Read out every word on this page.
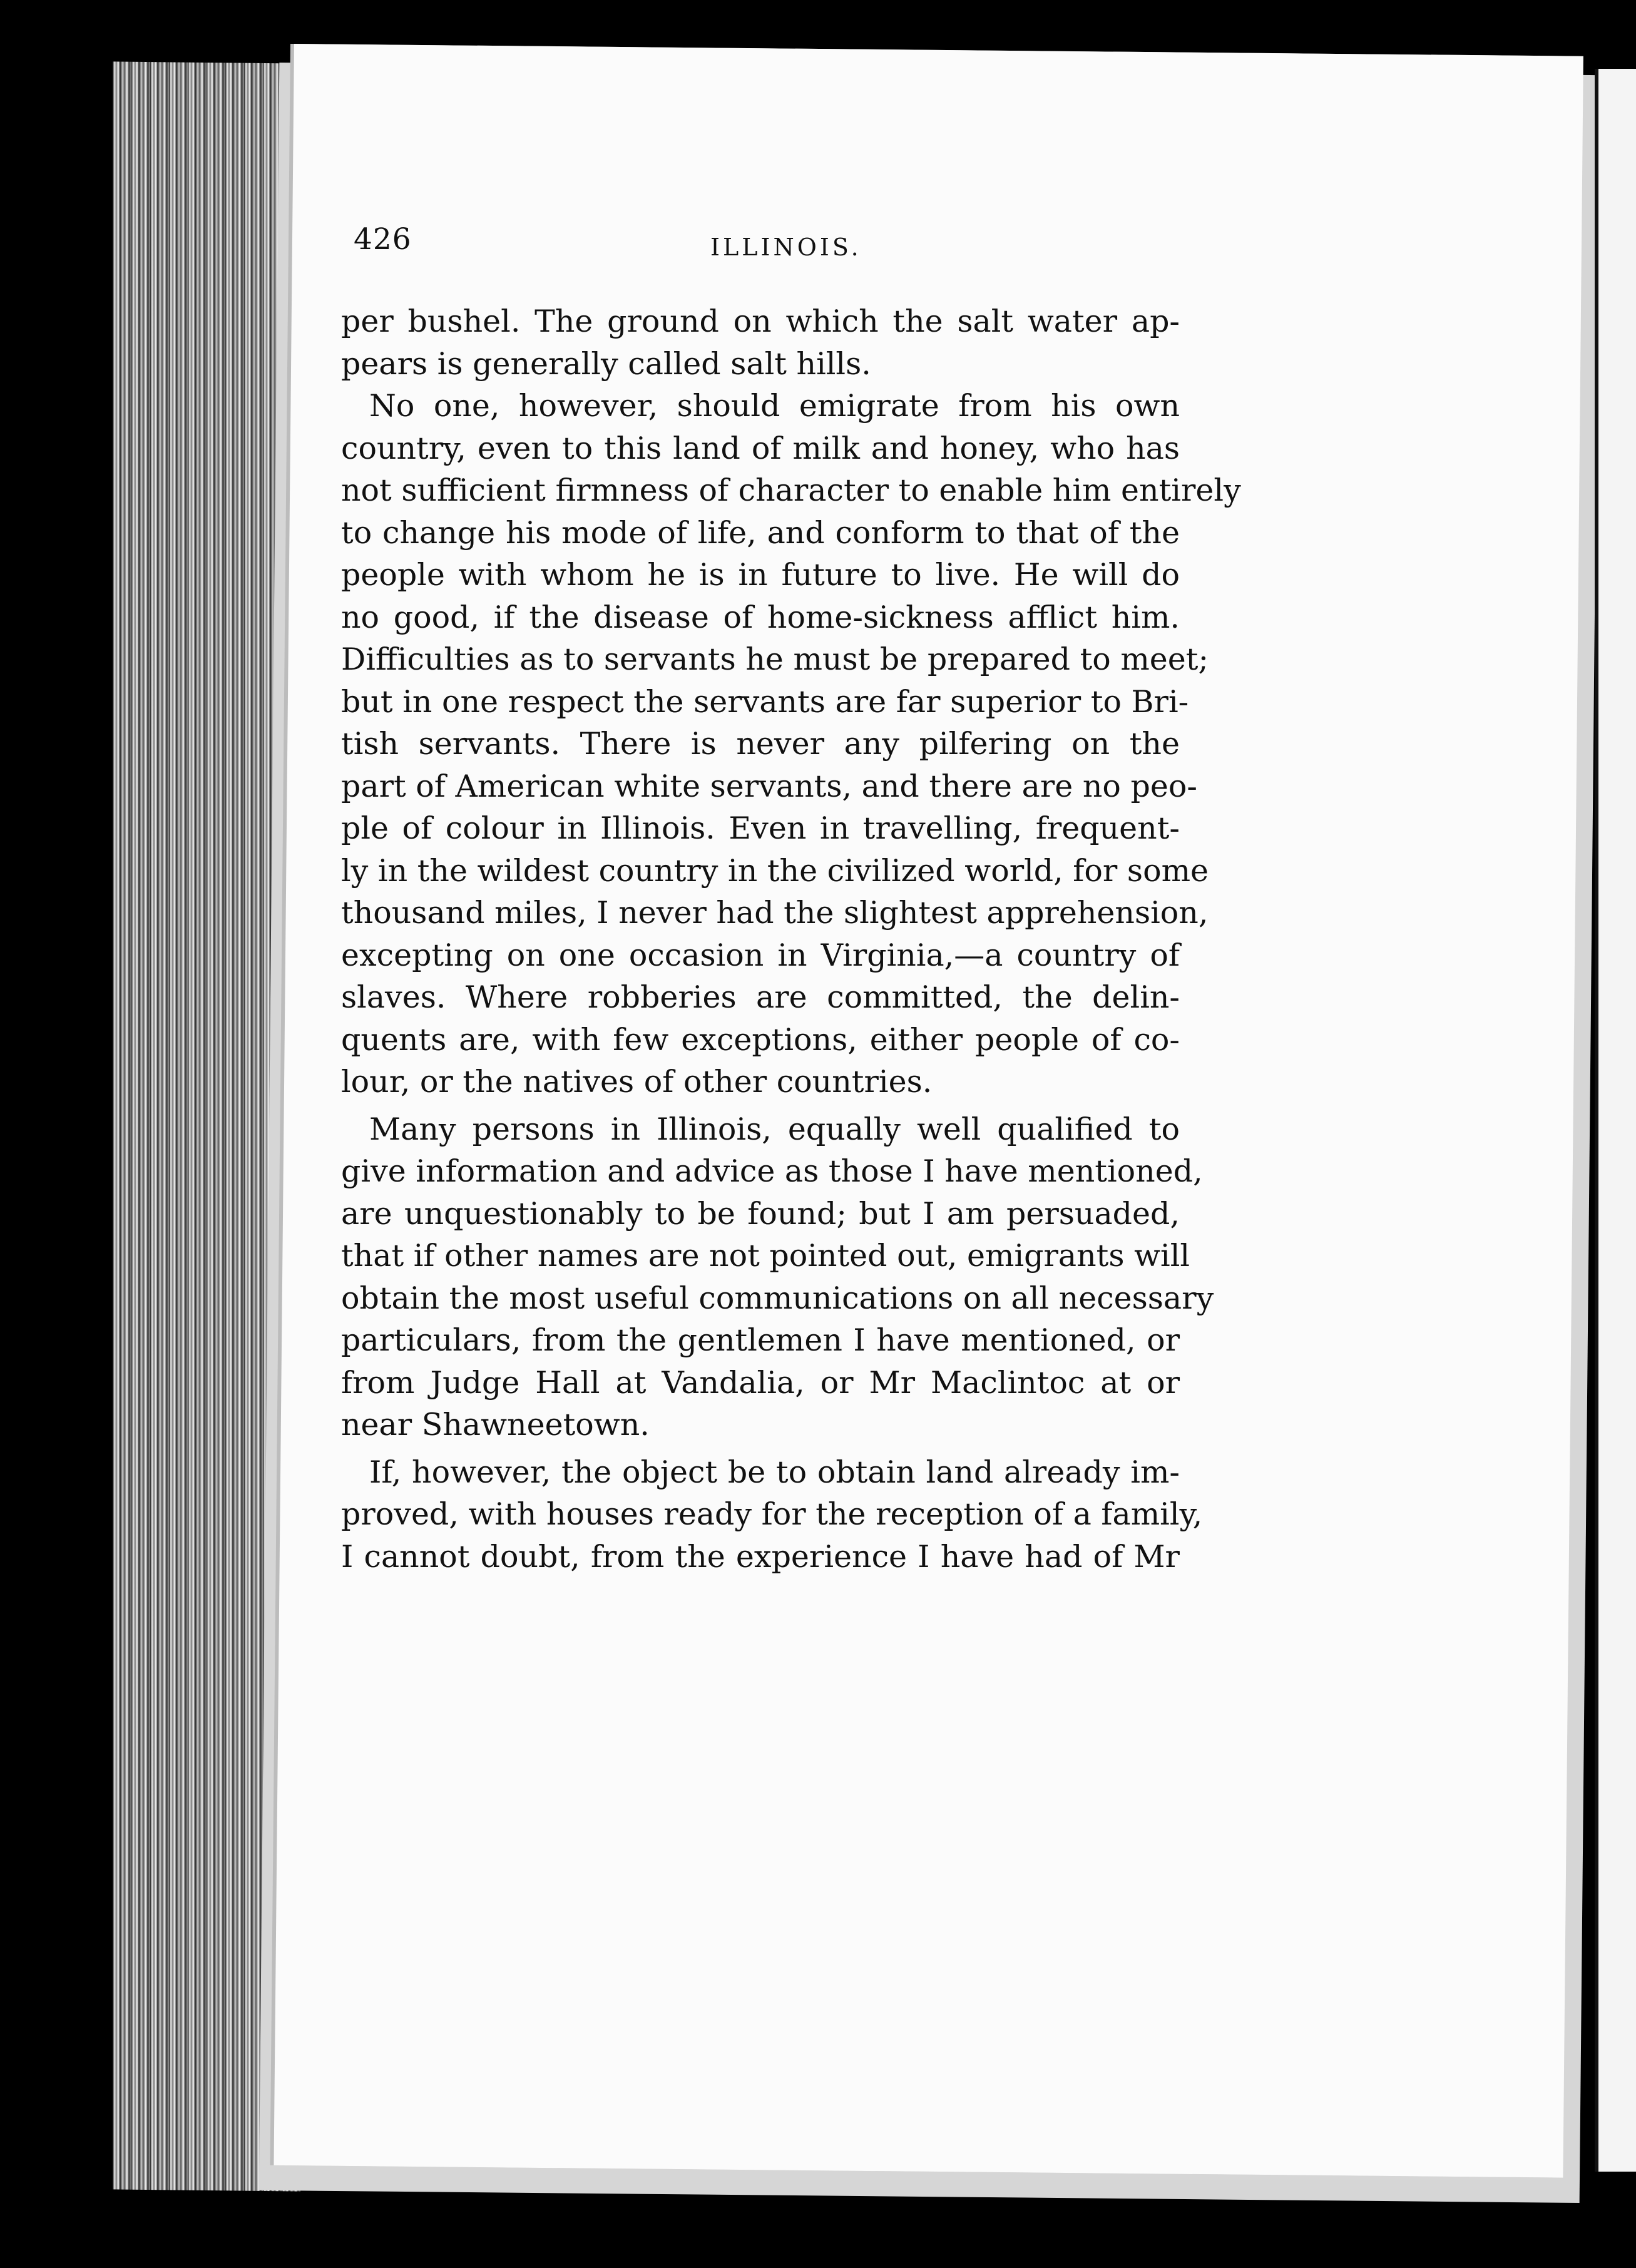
426	ILLINOIS.
per bushel. The ground on which the salt water ap-
pears is generally called salt hills.
No one, however, should emigrate from his own
country, even to this land of milk and honey, who has
not sufficient firmness of character to enable him entirely
to change his mode of life, and conform to that of the
people with whom he is in future to live. He will do
no good, if the disease of home-sickness afflict him.
Difficulties as to servants he must be prepared to meet;
but in one respect the servants are far superior to Bri-
tish servants. There is never any pilfering on the
part of American white servants, and there are no peo-
ple of colour in Illinois. Even in travelling, frequent-
ly in the wildest country in the civilized world, for some
thousand miles, I never had the slightest apprehension,
excepting on one occasion in Virginia,—a country of
slaves. Where robberies are committed, the delin-
quents are, with few exceptions, either people of co-
lour, or the natives of other countries.
Many persons in Illinois, equally well qualified to
give information and advice as those I have mentioned,
are unquestionably to be found; but I am persuaded,
that if other names are not pointed out, emigrants will
obtain the most useful communications on all necessary
particulars, from the gentlemen I have mentioned, or
from Judge Hall at Vandalia, or Mr Maclintoc at or
near Shawneetown.
If, however, the object be to obtain land already im-
proved, with houses ready for the reception of a family,
I cannot doubt, from the experience I have had of Mr
